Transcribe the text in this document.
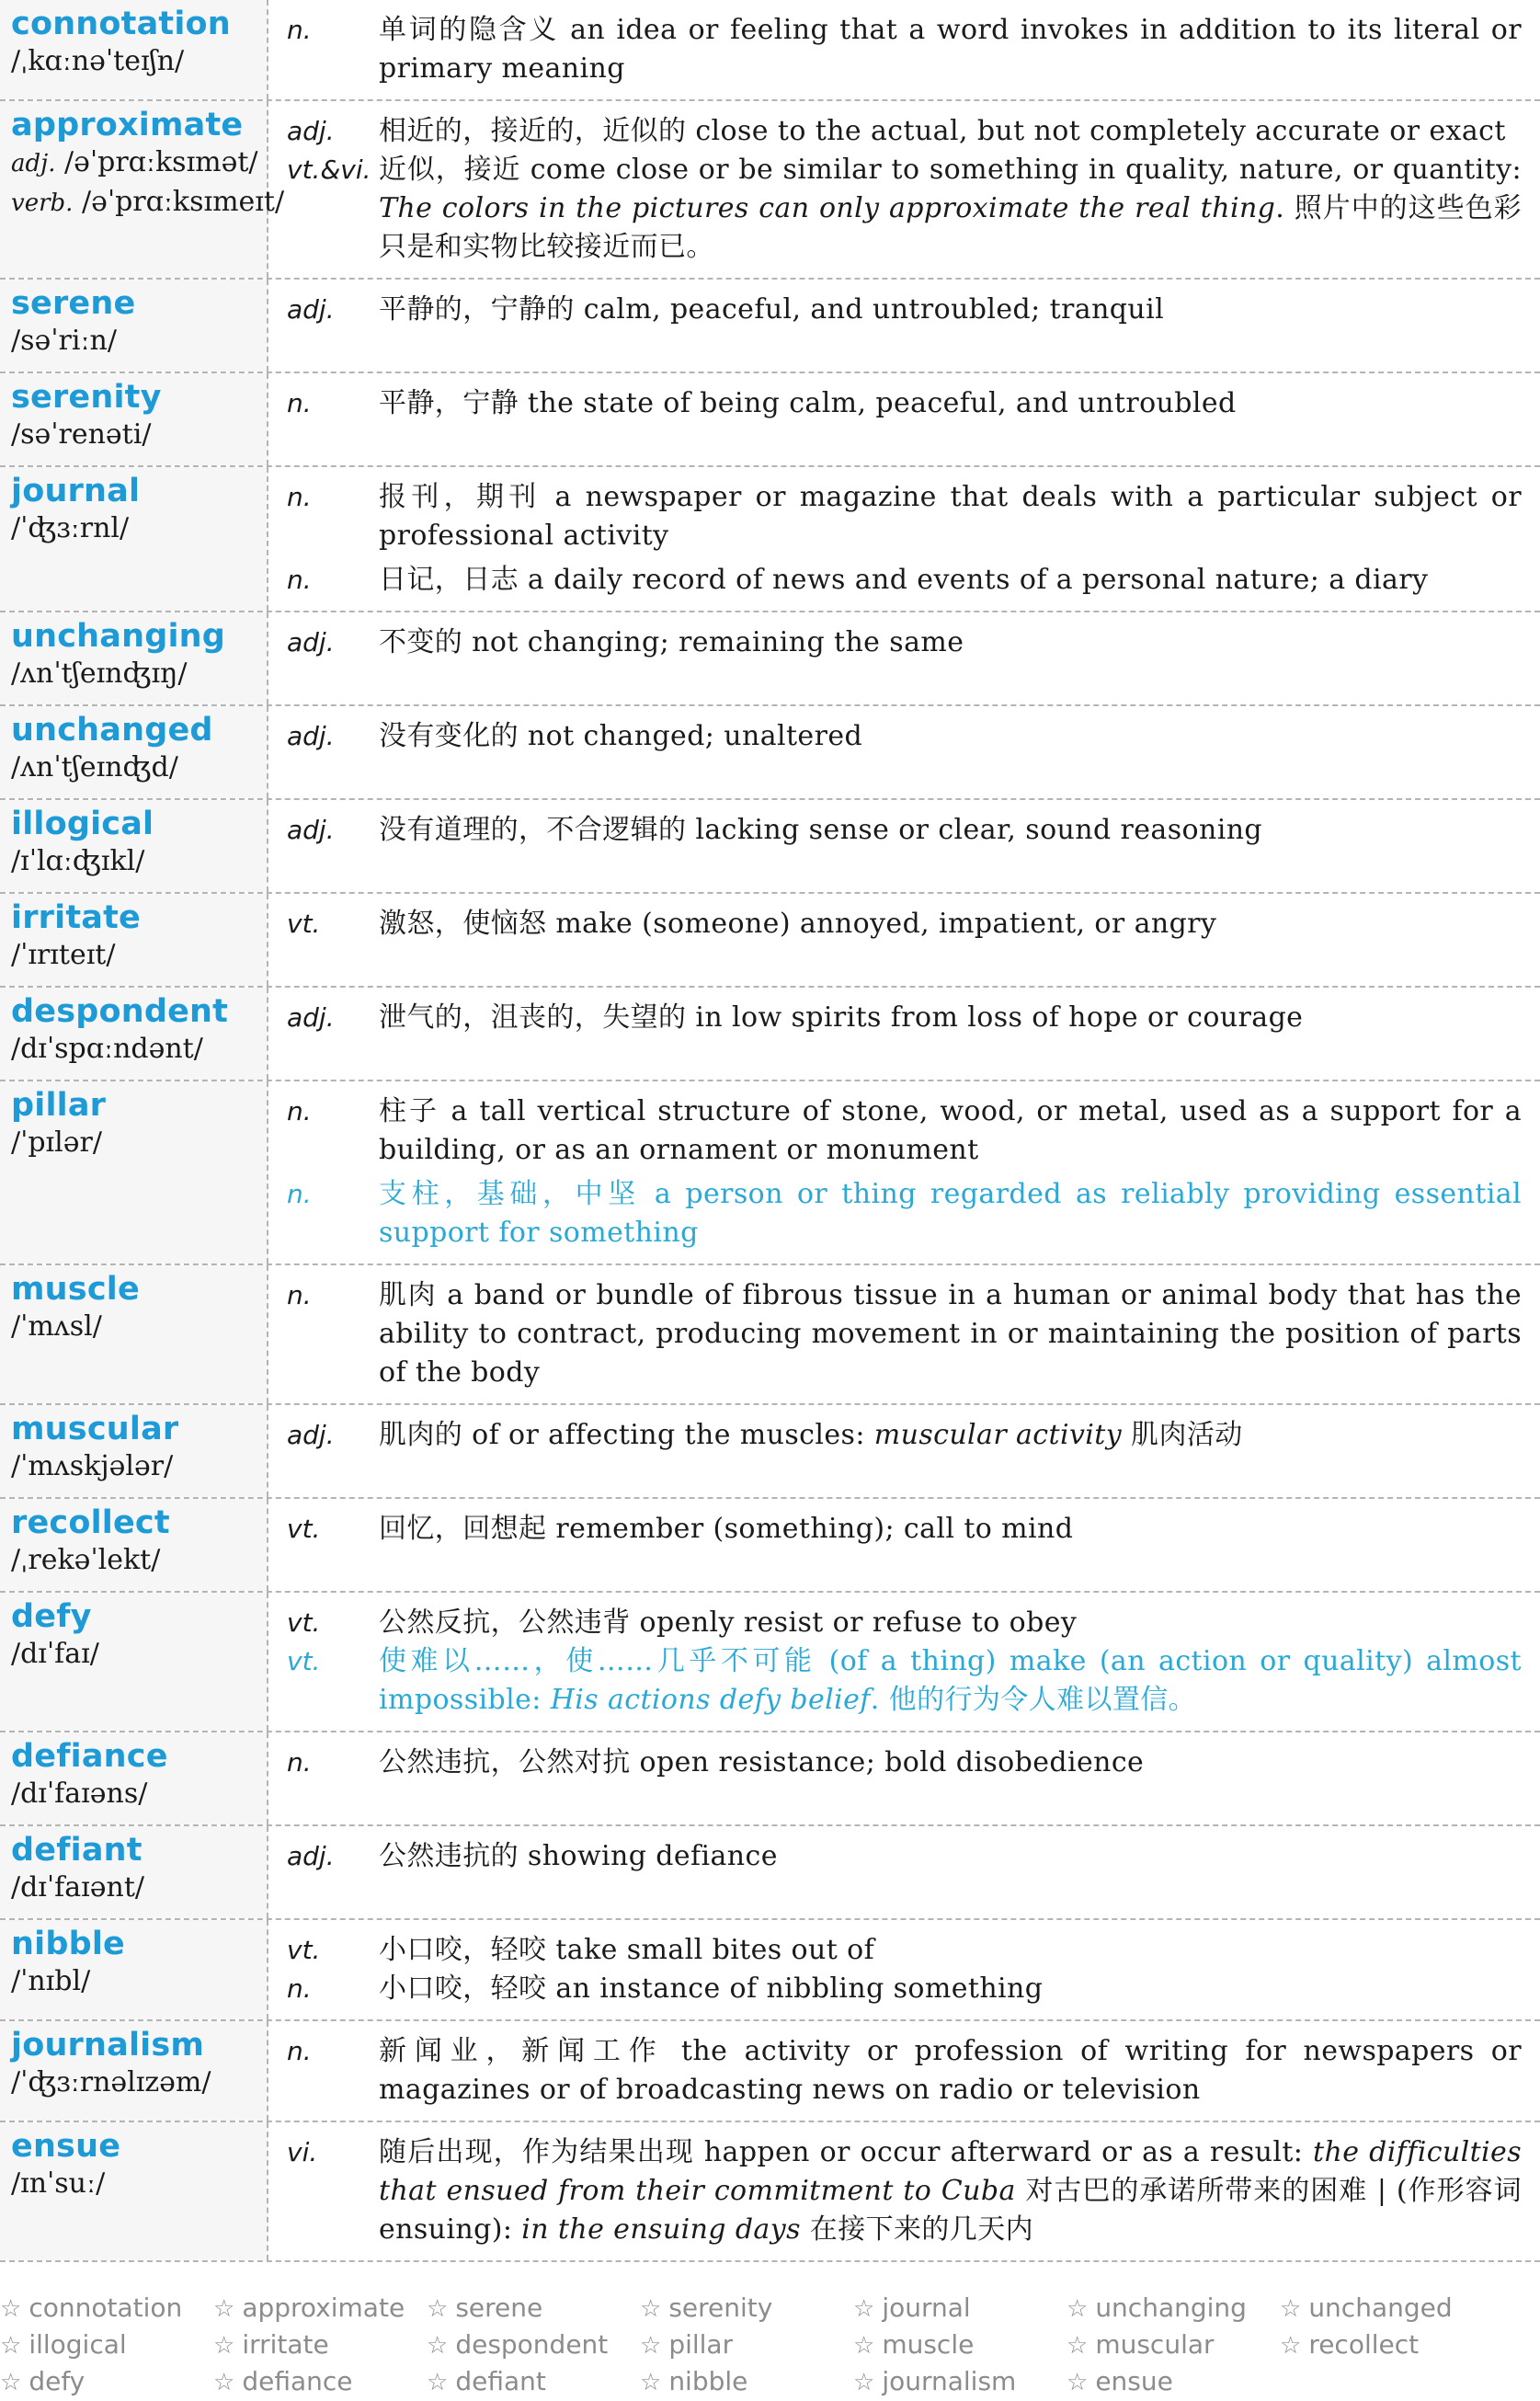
connotation
/ˌkɑːnəˈteɪʃn/
n.	单词的隐含义 an idea or feeling that a word invokes in addition to its literal or primary meaning
approximate
adj. /əˈprɑːksɪmət/
verb. /əˈprɑːksɪmeɪt/
adj.	相近的，接近的，近似的 close to the actual, but not completely accurate or exact
vt.&vi. 近似，接近 come close or be similar to something in quality, nature, or quantity: The colors in the pictures can only approximate the real thing. 照片中的这些色彩只是和实物比较接近而已。
serene
/səˈriːn/
adj.	平静的，宁静的 calm, peaceful, and untroubled; tranquil
serenity
/səˈrenəti/
n.	平静，宁静 the state of being calm, peaceful, and untroubled
journal
/ˈʤɜːrnl/
n.	报刊，期刊 a newspaper or magazine that deals with a particular subject or professional activity
n.	日记，日志 a daily record of news and events of a personal nature; a diary
unchanging
/ʌnˈtʃeɪnʤɪŋ/
adj.	不变的 not changing; remaining the same
unchanged
/ʌnˈtʃeɪnʤd/
adj.	没有变化的 not changed; unaltered
illogical
/ɪˈlɑːʤɪkl/
adj.	没有道理的，不合逻辑的 lacking sense or clear, sound reasoning
irritate
/ˈɪrɪteɪt/
vt.	激怒，使恼怒 make (someone) annoyed, impatient, or angry
despondent
/dɪˈspɑːndənt/
adj.	泄气的，沮丧的，失望的 in low spirits from loss of hope or courage
pillar
/ˈpɪlər/
n.	柱子 a tall vertical structure of stone, wood, or metal, used as a support for a building, or as an ornament or monument
n.	支柱，基础，中坚 a person or thing regarded as reliably providing essential support for something
muscle
/ˈmʌsl/
n.	肌肉 a band or bundle of fibrous tissue in a human or animal body that has the ability to contract, producing movement in or maintaining the position of parts of the body
muscular
/ˈmʌskjələr/
adj.	肌肉的 of or affecting the muscles: muscular activity 肌肉活动
recollect
/ˌrekəˈlekt/
vt.	回忆，回想起 remember (something); call to mind
defy
/dɪˈfaɪ/
vt.	公然反抗，公然违背 openly resist or refuse to obey
vt.	使难以……，使……几乎不可能 (of a thing) make (an action or quality) almost impossible: His actions defy belief. 他的行为令人难以置信。
defiance
/dɪˈfaɪəns/
n.	公然违抗，公然对抗 open resistance; bold disobedience
defiant
/dɪˈfaɪənt/
adj.	公然违抗的 showing defiance
nibble
/ˈnɪbl/
vt.	小口咬，轻咬 take small bites out of
n.	小口咬，轻咬 an instance of nibbling something
journalism
/ˈʤɜːrnəlɪzəm/
n.	新闻业，新闻工作 the activity or profession of writing for newspapers or magazines or of broadcasting news on radio or television
ensue
/ɪnˈsuː/
vi.	随后出现，作为结果出现 happen or occur afterward or as a result: the difficulties that ensued from their commitment to Cuba 对古巴的承诺所带来的困难 | (作形容词 ensuing): in the ensuing days 在接下来的几天内
☆ connotation	☆ approximate ☆ serene	☆ serenity	☆ journal	☆ unchanging	☆ unchanged
☆ illogical	☆ irritate	☆ despondent	☆ pillar	☆ muscle	☆ muscular	☆ recollect
☆ defy	☆ defiance	☆ defiant	☆ nibble	☆ journalism	☆ ensue
